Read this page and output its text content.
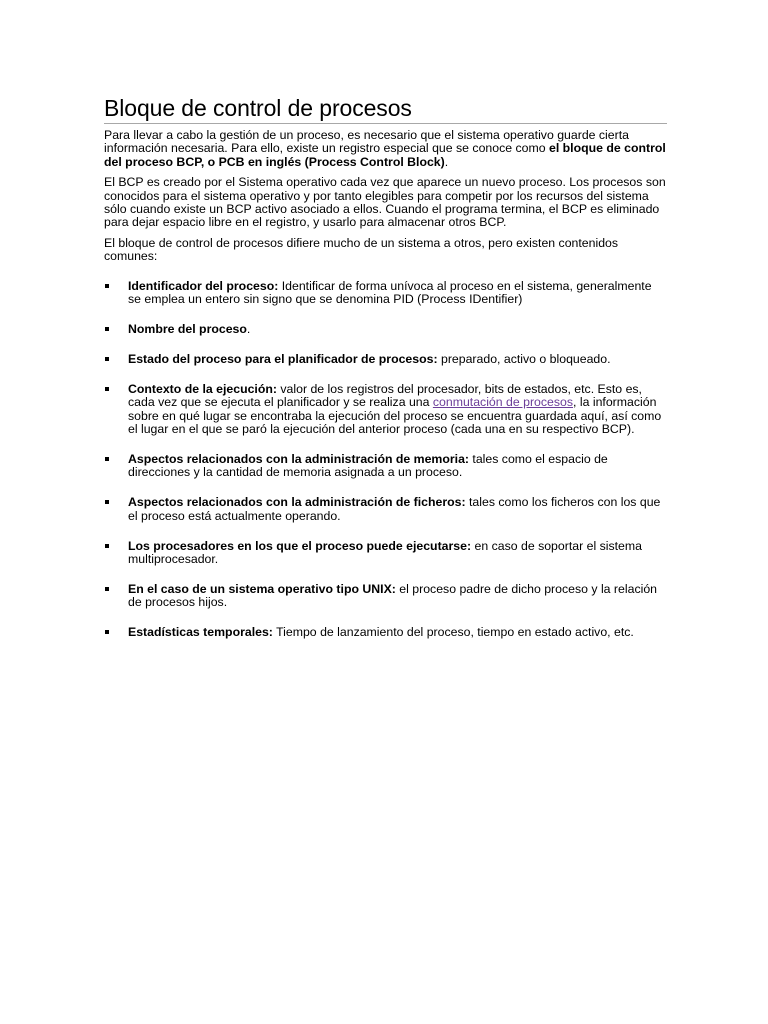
Bloque de control de procesos

Para llevar a cabo la gestión de un proceso, es necesario que el sistema operativo guarde cierta información necesaria. Para ello, existe un registro especial que se conoce como el bloque de control del proceso BCP, o PCB en inglés (Process Control Block).

El BCP es creado por el Sistema operativo cada vez que aparece un nuevo proceso. Los procesos son conocidos para el sistema operativo y por tanto elegibles para competir por los recursos del sistema sólo cuando existe un BCP activo asociado a ellos. Cuando el programa termina, el BCP es eliminado para dejar espacio libre en el registro, y usarlo para almacenar otros BCP.

El bloque de control de procesos difiere mucho de un sistema a otros, pero existen contenidos comunes:

Identificador del proceso: Identificar de forma unívoca al proceso en el sistema, generalmente se emplea un entero sin signo que se denomina PID (Process IDentifier)
Nombre del proceso.
Estado del proceso para el planificador de procesos: preparado, activo o bloqueado.
Contexto de la ejecución: valor de los registros del procesador, bits de estados, etc. Esto es, cada vez que se ejecuta el planificador y se realiza una conmutación de procesos, la información sobre en qué lugar se encontraba la ejecución del proceso se encuentra guardada aquí, así como el lugar en el que se paró la ejecución del anterior proceso (cada una en su respectivo BCP).
Aspectos relacionados con la administración de memoria: tales como el espacio de direcciones y la cantidad de memoria asignada a un proceso.
Aspectos relacionados con la administración de ficheros: tales como los ficheros con los que el proceso está actualmente operando.
Los procesadores en los que el proceso puede ejecutarse: en caso de soportar el sistema multiprocesador.
En el caso de un sistema operativo tipo UNIX: el proceso padre de dicho proceso y la relación de procesos hijos.
Estadísticas temporales: Tiempo de lanzamiento del proceso, tiempo en estado activo, etc.
